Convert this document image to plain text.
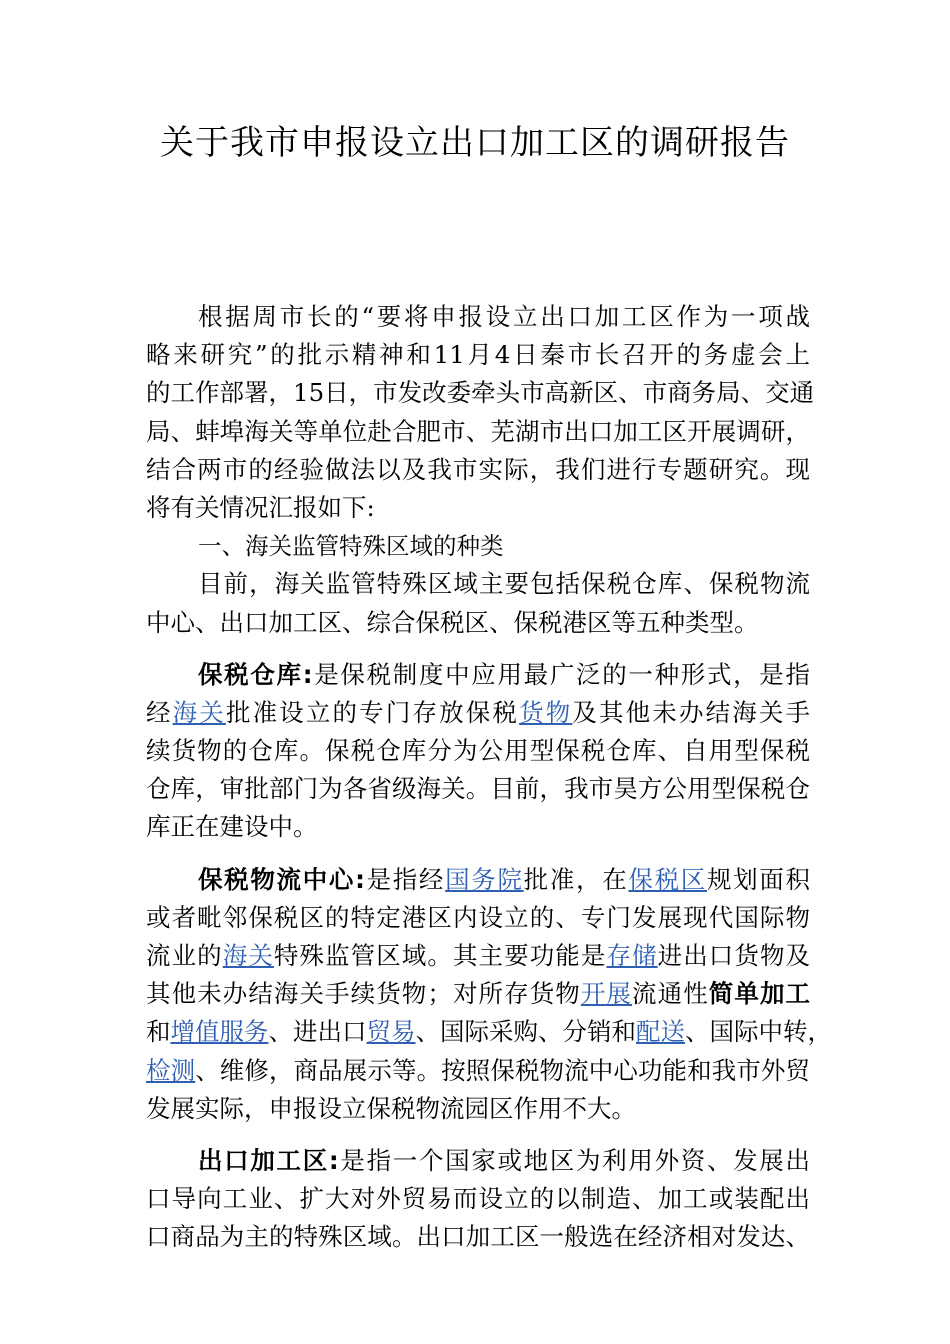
关于我市申报设立出口加工区的调研报告
根据周市长的“要将申报设立出口加工区作为一项战
略来研究”的批示精神和11月4日秦市长召开的务虚会上
的工作部署，15日，市发改委牵头市高新区、市商务局、交通
局、蚌埠海关等单位赴合肥市、芜湖市出口加工区开展调研，
结合两市的经验做法以及我市实际，我们进行专题研究。现
将有关情况汇报如下:
一、海关监管特殊区域的种类
目前，海关监管特殊区域主要包括保税仓库、保税物流
中心、出口加工区、综合保税区、保税港区等五种类型。
保税仓库:是保税制度中应用最广泛的一种形式，是指
经海关批准设立的专门存放保税货物及其他未办结海关手
续货物的仓库。保税仓库分为公用型保税仓库、自用型保税
仓库，审批部门为各省级海关。目前，我市昊方公用型保税仓
库正在建设中。
保税物流中心:是指经国务院批准，在保税区规划面积
或者毗邻保税区的特定港区内设立的、专门发展现代国际物
流业的海关特殊监管区域。其主要功能是存储进出口货物及
其他未办结海关手续货物；对所存货物开展流通性简单加工
和增值服务、进出口贸易、国际采购、分销和配送、国际中转，
检测、维修，商品展示等。按照保税物流中心功能和我市外贸
发展实际，申报设立保税物流园区作用不大。
出口加工区:是指一个国家或地区为利用外资、发展出
口导向工业、扩大对外贸易而设立的以制造、加工或装配出
口商品为主的特殊区域。出口加工区一般选在经济相对发达、
